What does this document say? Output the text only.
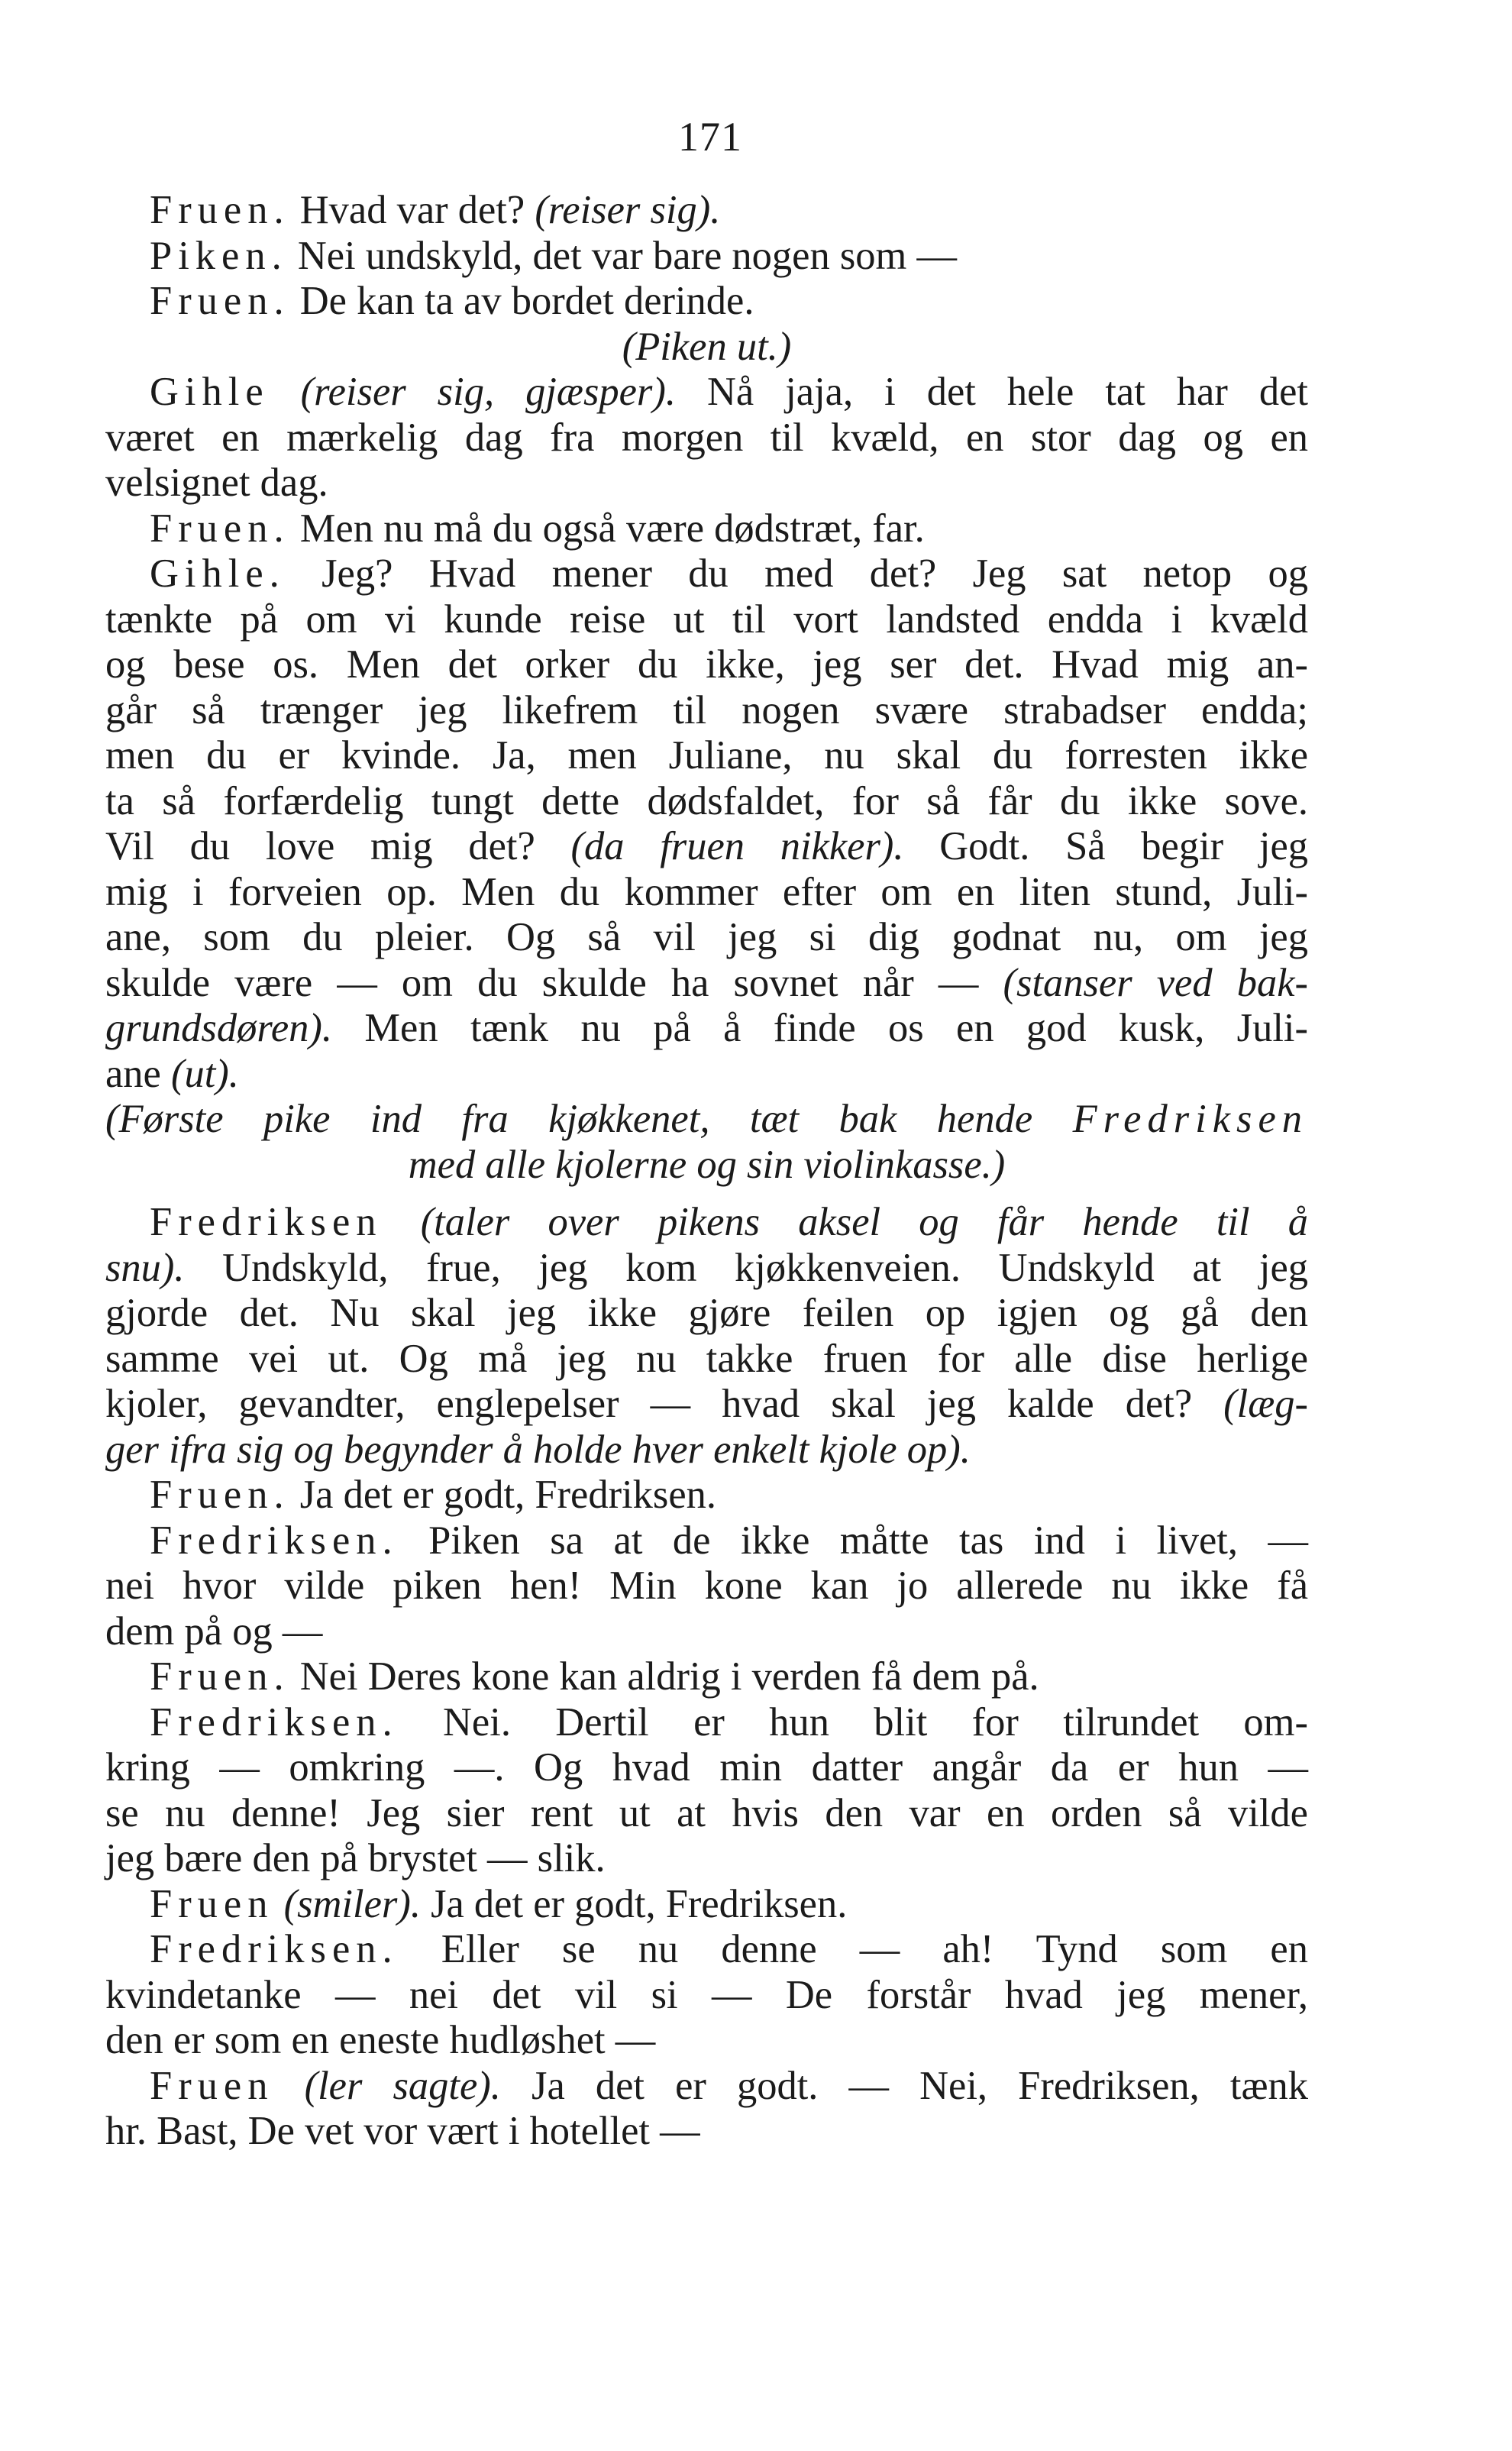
171
Fruen. Hvad var det? (reiser sig).
Piken. Nei undskyld, det var bare nogen som —
Fruen. De kan ta av bordet derinde.
(Piken ut.)
Gihle (reiser sig, gjæsper). Nå jaja, i det hele tat har det
været en mærkelig dag fra morgen til kvæld, en stor dag og en
velsignet dag.
Fruen. Men nu må du også være dødstræt, far.
Gihle. Jeg? Hvad mener du med det? Jeg sat netop og
tænkte på om vi kunde reise ut til vort landsted endda i kvæld
og bese os. Men det orker du ikke, jeg ser det. Hvad mig an-
går så trænger jeg likefrem til nogen svære strabadser endda;
men du er kvinde. Ja, men Juliane, nu skal du forresten ikke
ta så forfærdelig tungt dette dødsfaldet, for så får du ikke sove.
Vil du love mig det? (da fruen nikker). Godt. Så begir jeg
mig i forveien op. Men du kommer efter om en liten stund, Juli-
ane, som du pleier. Og så vil jeg si dig godnat nu, om jeg
skulde være — om du skulde ha sovnet når — (stanser ved bak-
grundsdøren). Men tænk nu på å finde os en god kusk, Juli-
ane (ut).
(Første pike ind fra kjøkkenet, tæt bak hende Fredriksen
med alle kjolerne og sin violinkasse.)
Fredriksen (taler over pikens aksel og får hende til å
snu). Undskyld, frue, jeg kom kjøkkenveien. Undskyld at jeg
gjorde det. Nu skal jeg ikke gjøre feilen op igjen og gå den
samme vei ut. Og må jeg nu takke fruen for alle dise herlige
kjoler, gevandter, englepelser — hvad skal jeg kalde det? (læg-
ger ifra sig og begynder å holde hver enkelt kjole op).
Fruen. Ja det er godt, Fredriksen.
Fredriksen. Piken sa at de ikke måtte tas ind i livet, —
nei hvor vilde piken hen! Min kone kan jo allerede nu ikke få
dem på og —
Fruen. Nei Deres kone kan aldrig i verden få dem på.
Fredriksen. Nei. Dertil er hun blit for tilrundet om-
kring — omkring —. Og hvad min datter angår da er hun —
se nu denne! Jeg sier rent ut at hvis den var en orden så vilde
jeg bære den på brystet — slik.
Fruen (smiler). Ja det er godt, Fredriksen.
Fredriksen. Eller se nu denne — ah! Tynd som en
kvindetanke — nei det vil si — De forstår hvad jeg mener,
den er som en eneste hudløshet —
Fruen (ler sagte). Ja det er godt. — Nei, Fredriksen, tænk
hr. Bast, De vet vor vært i hotellet —
